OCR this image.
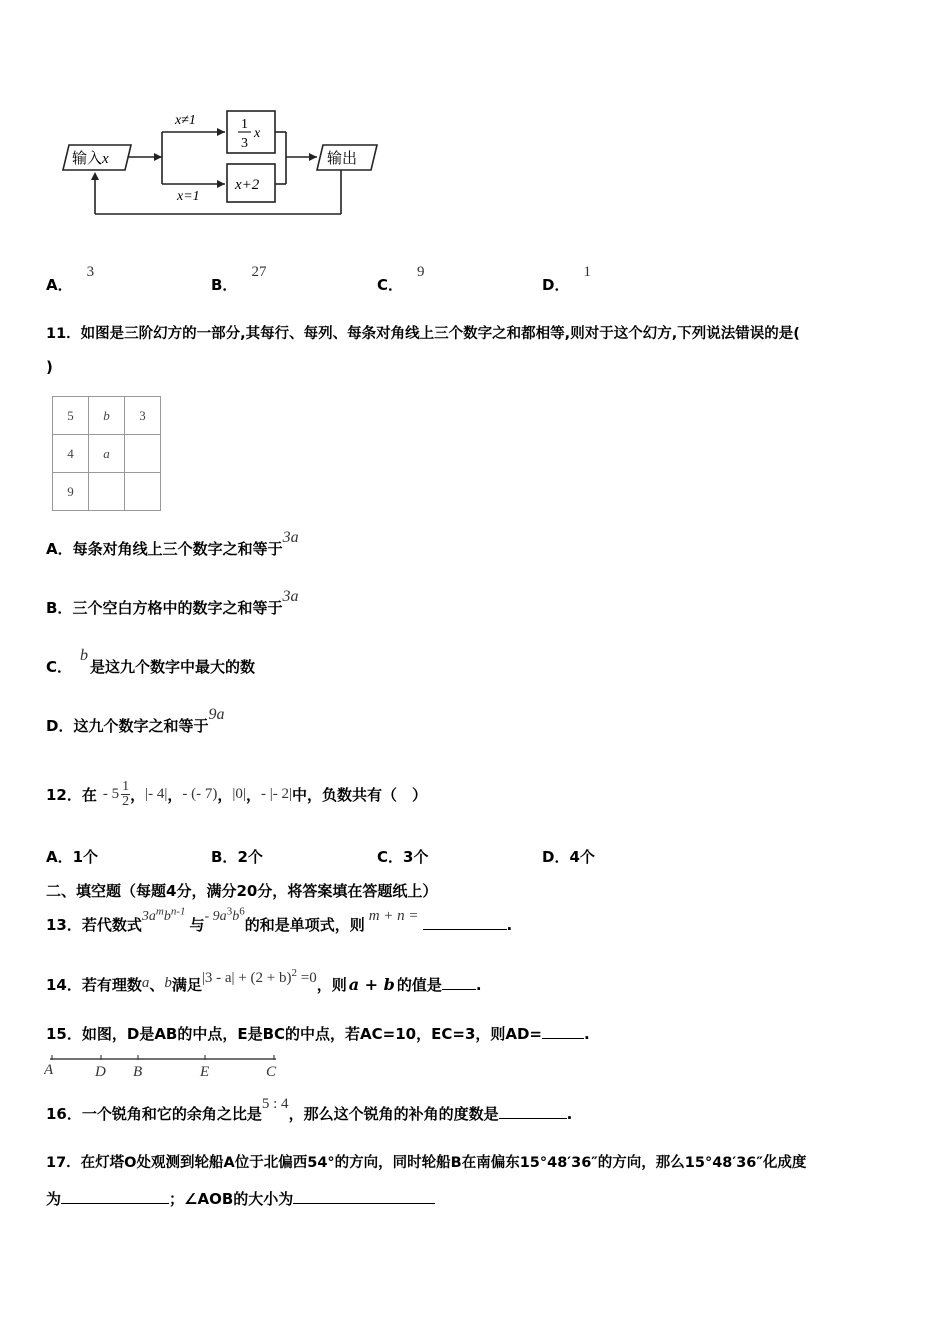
输入x
x≠1
x=1
1
3
x
x+2
输出
A．3
B．27
C．9
D．1
11．如图是三阶幻方的一部分,其每行、每列、每条对角线上三个数字之和都相等,则对于这个幻方,下列说法错误的是(
)
5	b	3
4	a	
9		
A．每条对角线上三个数字之和等于3a
B．三个空白方格中的数字之和等于3a
C．b是这九个数字中最大的数
D．这九个数字之和等于9a
12．在 - $5 \frac{1}{2}$ ， |- 4| ， - (- 7) ， |0| ， - |- 2| 中，负数共有（　）
A．1个	B．2个	C．3个	D．4个
二、填空题（每题4分，满分20分，将答案填在答题纸上）
13．若代数式$3a^mb^{n-1}$与- $9a^3b^6$的和是单项式，则 m + n =	.
14．若有理数a、b满足$|3 - a| + (2 + b)^2 =0$，则 a + b 的值是 .
15．如图，D是AB的中点，E是BC的中点，若AC=10，EC=3，则AD=	.
A	D B	E	C
16．一个锐角和它的余角之比是5 : 4，那么这个锐角的补角的度数是	.
17．在灯塔O处观测到轮船A位于北偏西54°的方向，同时轮船B在南偏东15°48′36″的方向，那么15°48′36″化成度
为	；∠AOB的大小为
